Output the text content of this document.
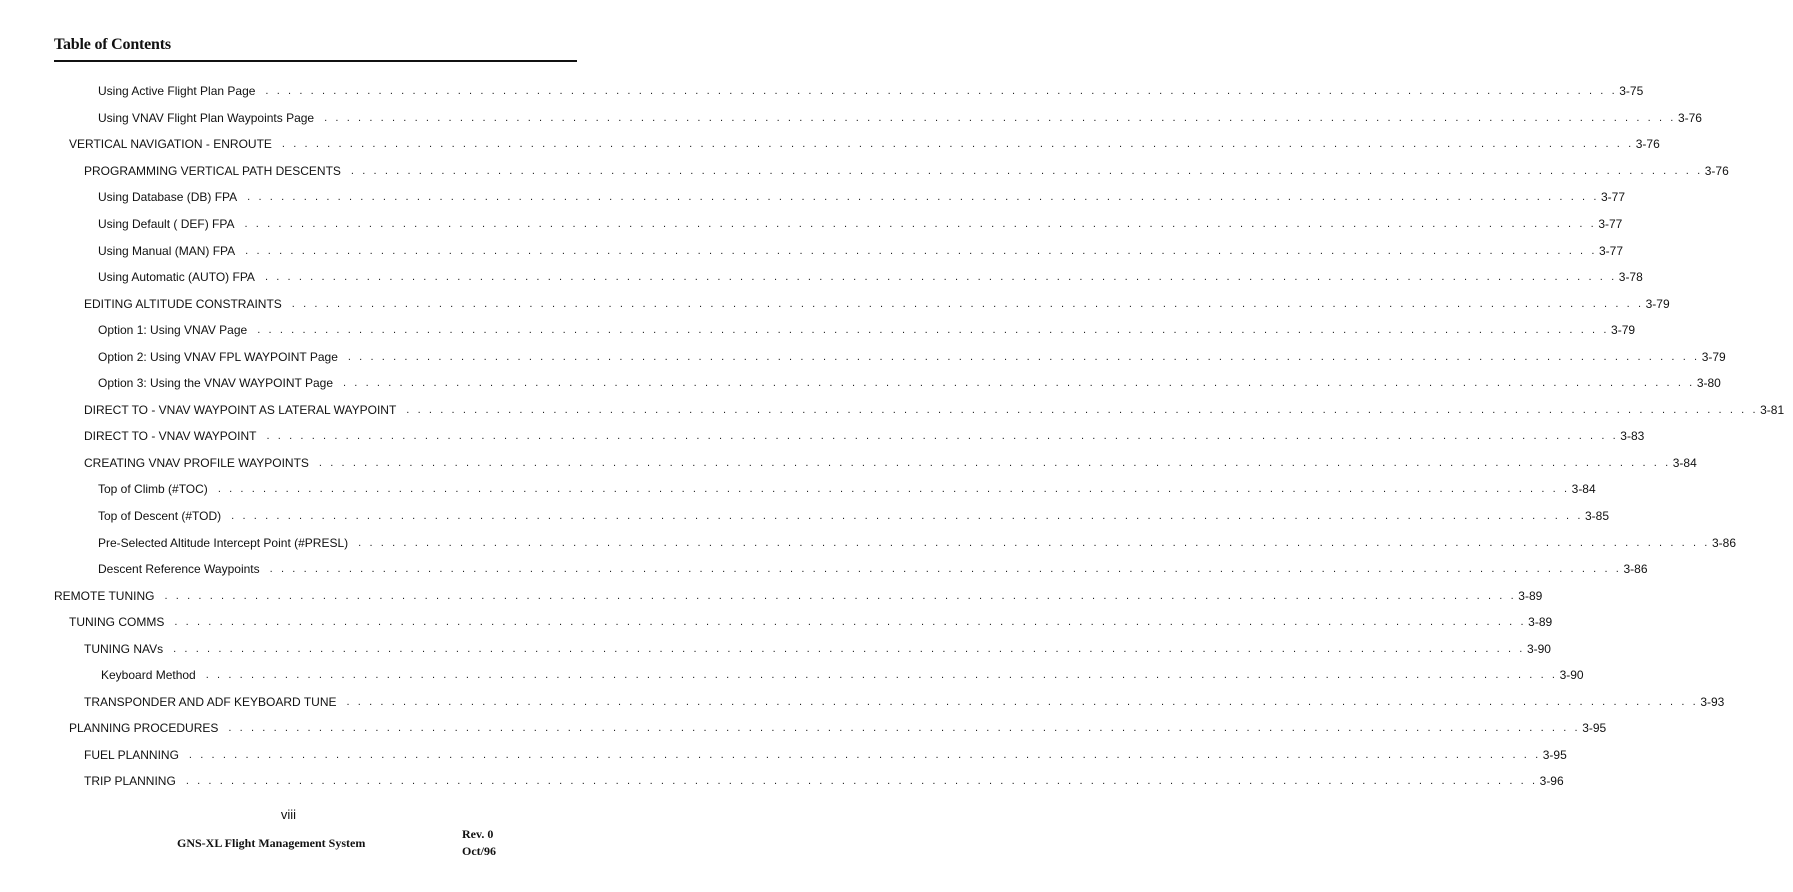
Table of Contents
Using Active Flight Plan Page . . . . . . . . . . . . . . . . . . . . . . . . . . . . . . . . . . . . . . . . . . . . . . . . . . . . . . . . . . . . . . . . . . . . . . . . . . . . . . . . . . . . . . . . . . . . . . . . . . . . . . . . . . . . . . . . . . . . . . . . 3-75
Using VNAV Flight Plan Waypoints Page . . . . . . . . . . . . . . . . . . . . . . . . . . . . . . . . . . . . . . . . . . . . . . . . . . . . . . . . . . . . . . . . . . . . . . . . . . . . . . . . . . . . . . . . . . . . . . . . . . . . . . . . . . . . . . . . . . . . . . . . 3-76
VERTICAL NAVIGATION - ENROUTE . . . . . . . . . . . . . . . . . . . . . . . . . . . . . . . . . . . . . . . . . . . . . . . . . . . . . . . . . . . . . . . . . . . . . . . . . . . . . . . . . . . . . . . . . . . . . . . . . . . . . . . . . . . . . . . . . . . . . . . . 3-76
PROGRAMMING VERTICAL PATH DESCENTS . . . . . . . . . . . . . . . . . . . . . . . . . . . . . . . . . . . . . . . . . . . . . . . . . . . . . . . . . . . . . . . . . . . . . . . . . . . . . . . . . . . . . . . . . . . . . . . . . . . . . . . . . . . . . . . . . . . . . . . . 3-76
Using Database (DB) FPA . . . . . . . . . . . . . . . . . . . . . . . . . . . . . . . . . . . . . . . . . . . . . . . . . . . . . . . . . . . . . . . . . . . . . . . . . . . . . . . . . . . . . . . . . . . . . . . . . . . . . . . . . . . . . . . . . . . . . . . . 3-77
Using Default ( DEF) FPA . . . . . . . . . . . . . . . . . . . . . . . . . . . . . . . . . . . . . . . . . . . . . . . . . . . . . . . . . . . . . . . . . . . . . . . . . . . . . . . . . . . . . . . . . . . . . . . . . . . . . . . . . . . . . . . . . . . . . . . . 3-77
Using Manual (MAN) FPA . . . . . . . . . . . . . . . . . . . . . . . . . . . . . . . . . . . . . . . . . . . . . . . . . . . . . . . . . . . . . . . . . . . . . . . . . . . . . . . . . . . . . . . . . . . . . . . . . . . . . . . . . . . . . . . . . . . . . . . . 3-77
Using Automatic (AUTO) FPA . . . . . . . . . . . . . . . . . . . . . . . . . . . . . . . . . . . . . . . . . . . . . . . . . . . . . . . . . . . . . . . . . . . . . . . . . . . . . . . . . . . . . . . . . . . . . . . . . . . . . . . . . . . . . . . . . . . . . . . . 3-78
EDITING ALTITUDE CONSTRAINTS . . . . . . . . . . . . . . . . . . . . . . . . . . . . . . . . . . . . . . . . . . . . . . . . . . . . . . . . . . . . . . . . . . . . . . . . . . . . . . . . . . . . . . . . . . . . . . . . . . . . . . . . . . . . . . . . . . . . . . . . 3-79
Option 1: Using VNAV Page . . . . . . . . . . . . . . . . . . . . . . . . . . . . . . . . . . . . . . . . . . . . . . . . . . . . . . . . . . . . . . . . . . . . . . . . . . . . . . . . . . . . . . . . . . . . . . . . . . . . . . . . . . . . . . . . . . . . . . . . 3-79
Option 2: Using VNAV FPL WAYPOINT Page . . . . . . . . . . . . . . . . . . . . . . . . . . . . . . . . . . . . . . . . . . . . . . . . . . . . . . . . . . . . . . . . . . . . . . . . . . . . . . . . . . . . . . . . . . . . . . . . . . . . . . . . . . . . . . . . . . . . . . . . 3-79
Option 3: Using the VNAV WAYPOINT Page . . . . . . . . . . . . . . . . . . . . . . . . . . . . . . . . . . . . . . . . . . . . . . . . . . . . . . . . . . . . . . . . . . . . . . . . . . . . . . . . . . . . . . . . . . . . . . . . . . . . . . . . . . . . . . . . . . . . . . . . 3-80
DIRECT TO - VNAV WAYPOINT AS LATERAL WAYPOINT . . . . . . . . . . . . . . . . . . . . . . . . . . . . . . . . . . . . . . . . . . . . . . . . . . . . . . . . . . . . . . . . . . . . . . . . . . . . . . . . . . . . . . . . . . . . . . . . . . . . . . . . . . . . . . . . . . . . . . . . 3-81
DIRECT TO - VNAV WAYPOINT . . . . . . . . . . . . . . . . . . . . . . . . . . . . . . . . . . . . . . . . . . . . . . . . . . . . . . . . . . . . . . . . . . . . . . . . . . . . . . . . . . . . . . . . . . . . . . . . . . . . . . . . . . . . . . . . . . . . . . . . 3-83
CREATING VNAV PROFILE WAYPOINTS . . . . . . . . . . . . . . . . . . . . . . . . . . . . . . . . . . . . . . . . . . . . . . . . . . . . . . . . . . . . . . . . . . . . . . . . . . . . . . . . . . . . . . . . . . . . . . . . . . . . . . . . . . . . . . . . . . . . . . . . 3-84
Top of Climb (#TOC) . . . . . . . . . . . . . . . . . . . . . . . . . . . . . . . . . . . . . . . . . . . . . . . . . . . . . . . . . . . . . . . . . . . . . . . . . . . . . . . . . . . . . . . . . . . . . . . . . . . . . . . . . . . . . . . . . . . . . . . . 3-84
Top of Descent (#TOD) . . . . . . . . . . . . . . . . . . . . . . . . . . . . . . . . . . . . . . . . . . . . . . . . . . . . . . . . . . . . . . . . . . . . . . . . . . . . . . . . . . . . . . . . . . . . . . . . . . . . . . . . . . . . . . . . . . . . . . . . 3-85
Pre-Selected Altitude Intercept Point (#PRESL) . . . . . . . . . . . . . . . . . . . . . . . . . . . . . . . . . . . . . . . . . . . . . . . . . . . . . . . . . . . . . . . . . . . . . . . . . . . . . . . . . . . . . . . . . . . . . . . . . . . . . . . . . . . . . . . . . . . . . . . . 3-86
Descent Reference Waypoints . . . . . . . . . . . . . . . . . . . . . . . . . . . . . . . . . . . . . . . . . . . . . . . . . . . . . . . . . . . . . . . . . . . . . . . . . . . . . . . . . . . . . . . . . . . . . . . . . . . . . . . . . . . . . . . . . . . . . . . . 3-86
REMOTE TUNING . . . . . . . . . . . . . . . . . . . . . . . . . . . . . . . . . . . . . . . . . . . . . . . . . . . . . . . . . . . . . . . . . . . . . . . . . . . . . . . . . . . . . . . . . . . . . . . . . . . . . . . . . . . . . . . . . . . . . . . . 3-89
TUNING COMMS . . . . . . . . . . . . . . . . . . . . . . . . . . . . . . . . . . . . . . . . . . . . . . . . . . . . . . . . . . . . . . . . . . . . . . . . . . . . . . . . . . . . . . . . . . . . . . . . . . . . . . . . . . . . . . . . . . . . . . . . 3-89
TUNING NAVs . . . . . . . . . . . . . . . . . . . . . . . . . . . . . . . . . . . . . . . . . . . . . . . . . . . . . . . . . . . . . . . . . . . . . . . . . . . . . . . . . . . . . . . . . . . . . . . . . . . . . . . . . . . . . . . . . . . . . . . . 3-90
Keyboard Method . . . . . . . . . . . . . . . . . . . . . . . . . . . . . . . . . . . . . . . . . . . . . . . . . . . . . . . . . . . . . . . . . . . . . . . . . . . . . . . . . . . . . . . . . . . . . . . . . . . . . . . . . . . . . . . . . . . . . . . . 3-90
TRANSPONDER AND ADF KEYBOARD TUNE . . . . . . . . . . . . . . . . . . . . . . . . . . . . . . . . . . . . . . . . . . . . . . . . . . . . . . . . . . . . . . . . . . . . . . . . . . . . . . . . . . . . . . . . . . . . . . . . . . . . . . . . . . . . . . . . . . . . . . . . 3-93
PLANNING PROCEDURES . . . . . . . . . . . . . . . . . . . . . . . . . . . . . . . . . . . . . . . . . . . . . . . . . . . . . . . . . . . . . . . . . . . . . . . . . . . . . . . . . . . . . . . . . . . . . . . . . . . . . . . . . . . . . . . . . . . . . . . . 3-95
FUEL PLANNING . . . . . . . . . . . . . . . . . . . . . . . . . . . . . . . . . . . . . . . . . . . . . . . . . . . . . . . . . . . . . . . . . . . . . . . . . . . . . . . . . . . . . . . . . . . . . . . . . . . . . . . . . . . . . . . . . . . . . . . . 3-95
TRIP PLANNING . . . . . . . . . . . . . . . . . . . . . . . . . . . . . . . . . . . . . . . . . . . . . . . . . . . . . . . . . . . . . . . . . . . . . . . . . . . . . . . . . . . . . . . . . . . . . . . . . . . . . . . . . . . . . . . . . . . . . . . . 3-96
viii
GNS-XL Flight Management System
Rev. 0
Oct/96
